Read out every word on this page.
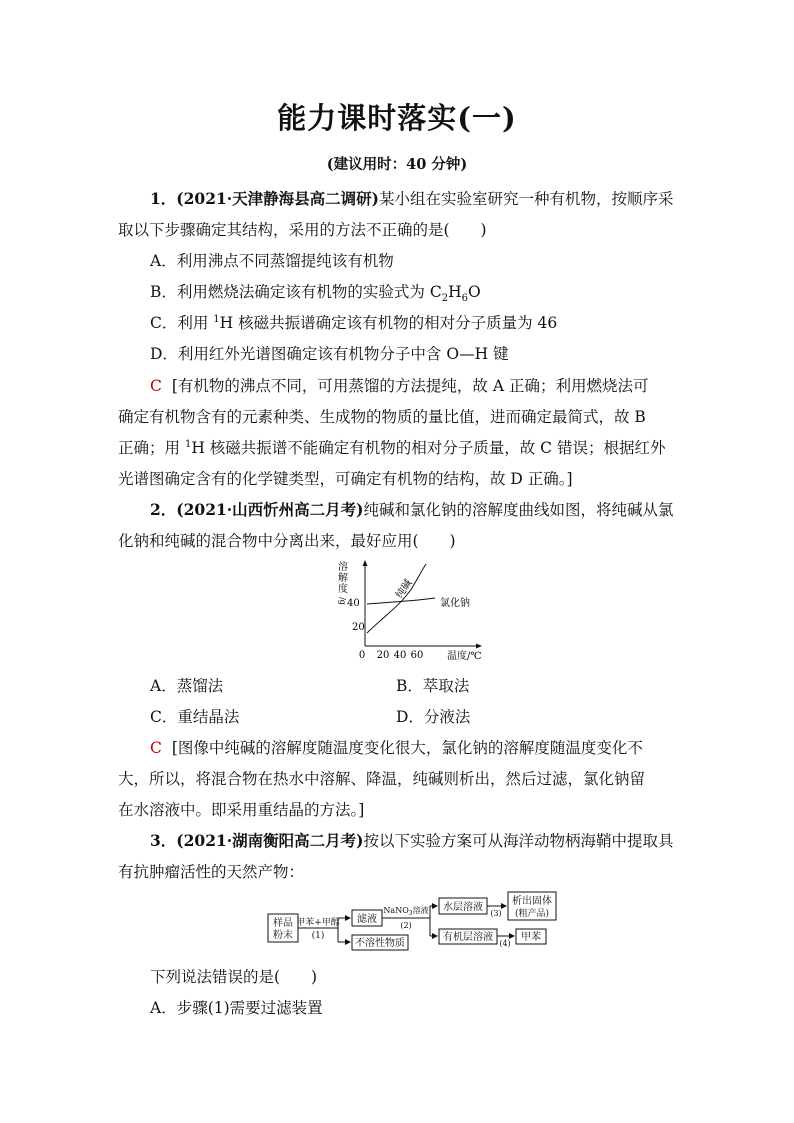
能力课时落实(一)
(建议用时：40 分钟)
1．(2021·天津静海县高二调研)某小组在实验室研究一种有机物，按顺序采
取以下步骤确定其结构，采用的方法不正确的是(　　)
A．利用沸点不同蒸馏提纯该有机物
B．利用燃烧法确定该有机物的实验式为 $C_2H_6O$
C．利用 $^1$H 核磁共振谱确定该有机物的相对分子质量为 46
D．利用红外光谱图确定该有机物分子中含 O—H 键
C [有机物的沸点不同，可用蒸馏的方法提纯，故 A 正确；利用燃烧法可
确定有机物含有的元素种类、生成物的物质的量比值，进而确定最简式，故 B
正确；用 $^1$H 核磁共振谱不能确定有机物的相对分子质量，故 C 错误；根据红外
光谱图确定含有的化学键类型，可确定有机物的结构，故 D 正确。]
2．(2021·山西忻州高二月考)纯碱和氯化钠的溶解度曲线如图，将纯碱从氯
化钠和纯碱的混合物中分离出来，最好应用(　　)
溶
解
度
/g 40
20
0 20 40 60 温度/℃
纯碱
氯化钠
A．蒸馏法	B．萃取法
C．重结晶法	D．分液法
C [图像中纯碱的溶解度随温度变化很大，氯化钠的溶解度随温度变化不
大，所以，将混合物在热水中溶解、降温，纯碱则析出，然后过滤，氯化钠留
在水溶液中。即采用重结晶的方法。]
3．(2021·湖南衡阳高二月考)按以下实验方案可从海洋动物柄海鞘中提取具
有抗肿瘤活性的天然产物：
样品
粉末
甲苯+甲醇
(1)
滤液
不溶性物质
NaNO$_3$溶液
(2)
水层溶液
(3)
析出固体
(粗产品)
有机层溶液
(4)
甲苯
下列说法错误的是(　　)
A．步骤(1)需要过滤装置
